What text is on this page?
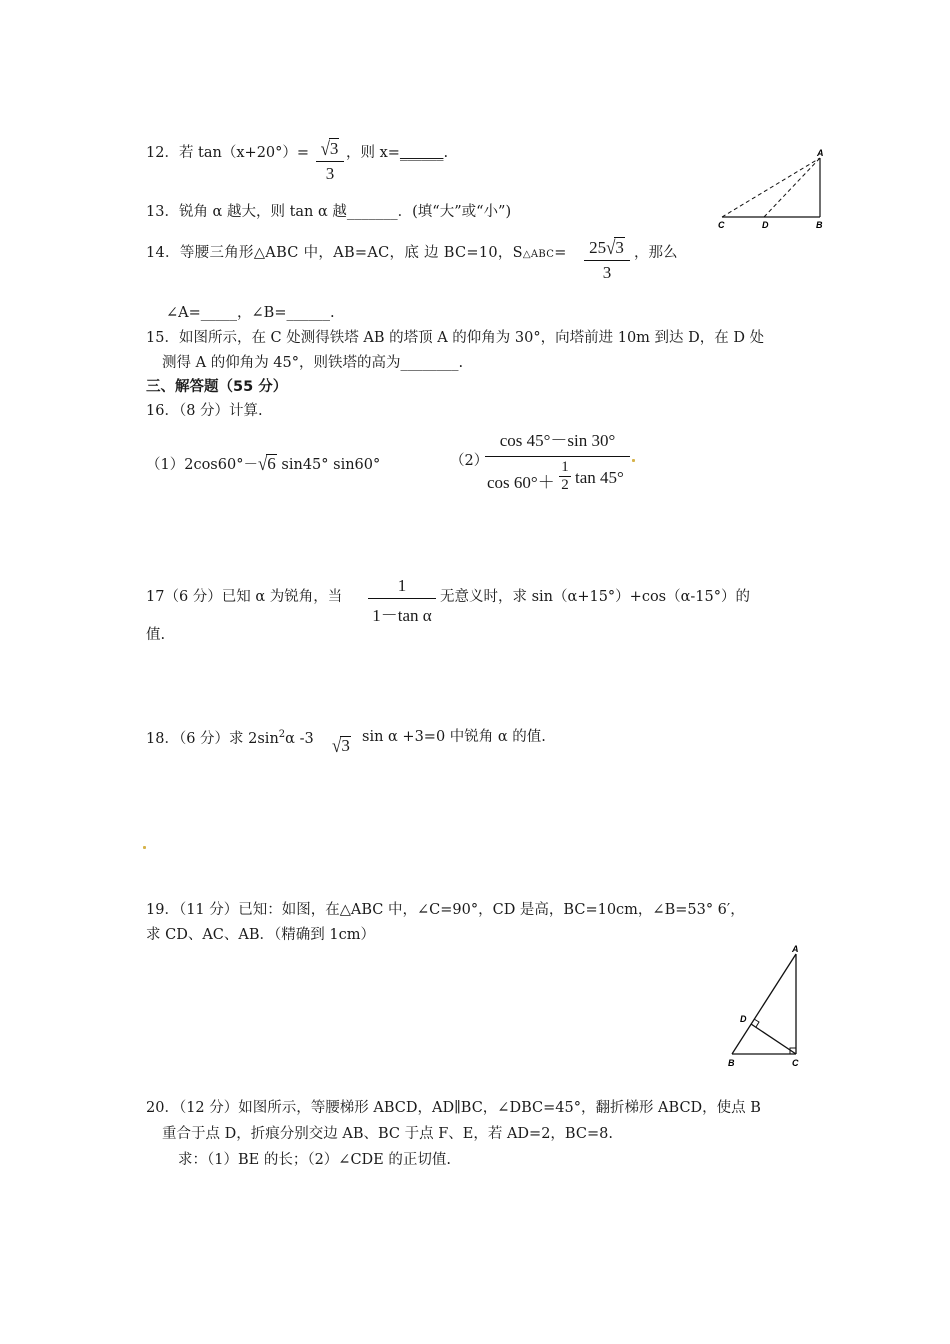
12．若 tan（x+20°）= √3
3
，则 x=______.
13．锐角 α 越大，则 tan α 越_______．(填“大”或“小”)
A
C	D	B
14．等腰三角形△ABC 中，AB=AC，底 边 BC=10，S△ABC= 25√3
3
，那么
∠A=_____，∠B=______.
15．如图所示，在 C 处测得铁塔 AB 的塔顶 A 的仰角为 30°，向塔前进 10m 到达 D，在 D 处
测得 A 的仰角为 45°，则铁塔的高为________.
三、解答题（55 分）
16．（8 分）计算.
（1）2cos60°－√6 sin45° sin60°	（2）
cos 45°－sin 30°
cos 60°＋
1
2 tan 45°
17（6 分）已知 α 为锐角，当
1
1－tan α
无意义时，求 sin（α+15°）+cos（α-15°）的
值.
18．（6 分）求 $2\sin^2\alpha$ -3 √3 sin α +3=0 中锐角 α 的值.
19．（11 分）已知：如图，在△ABC 中，∠C=90°，CD 是高，BC=10cm，∠B=53° 6′，
求 CD、AC、AB．（精确到 1cm）
A
D
B	C
20．（12 分）如图所示，等腰梯形 ABCD，AD∥BC，∠DBC=45°，翻折梯形 ABCD，使点 B
重合于点 D，折痕分别交边 AB、BC 于点 F、E，若 AD=2，BC=8.
求：（1）BE 的长；（2）∠CDE 的正切值.
